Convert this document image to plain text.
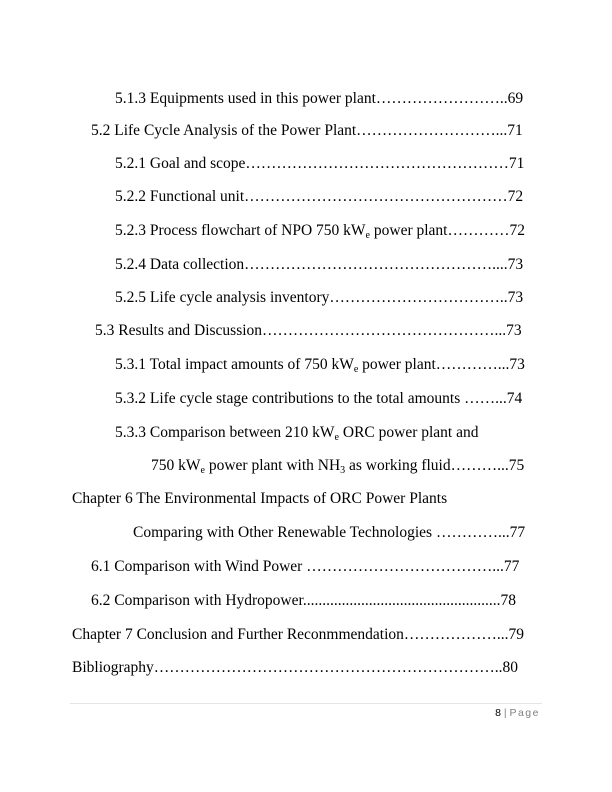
5.1.3 Equipments used in this power plant……………………..69
5.2 Life Cycle Analysis of the Power Plant………………………...71
5.2.1 Goal and scope……………………………………………71
5.2.2 Functional unit……………………………………………72
5.2.3 Process flowchart of NPO 750 $kW_e$ power plant…………72
5.2.4 Data collection…………………………………………....73
5.2.5 Life cycle analysis inventory……………………………..73
5.3 Results and Discussion………………………………………...73
5.3.1 Total impact amounts of 750 $kW_e$ power plant…………...73
5.3.2 Life cycle stage contributions to the total amounts ……...74
5.3.3 Comparison between 210 $kW_e$ ORC power plant and
750 $kW_e$ power plant with $NH_3$ as working fluid………...75
Chapter 6 The Environmental Impacts of ORC Power Plants
Comparing with Other Renewable Technologies …………...77
6.1 Comparison with Wind Power ………………………………...77
6.2 Comparison with Hydropower...................................................78
Chapter 7 Conclusion and Further Reconmmendation………………...79
Bibliography…………………………………………………………..80
8 | Page
